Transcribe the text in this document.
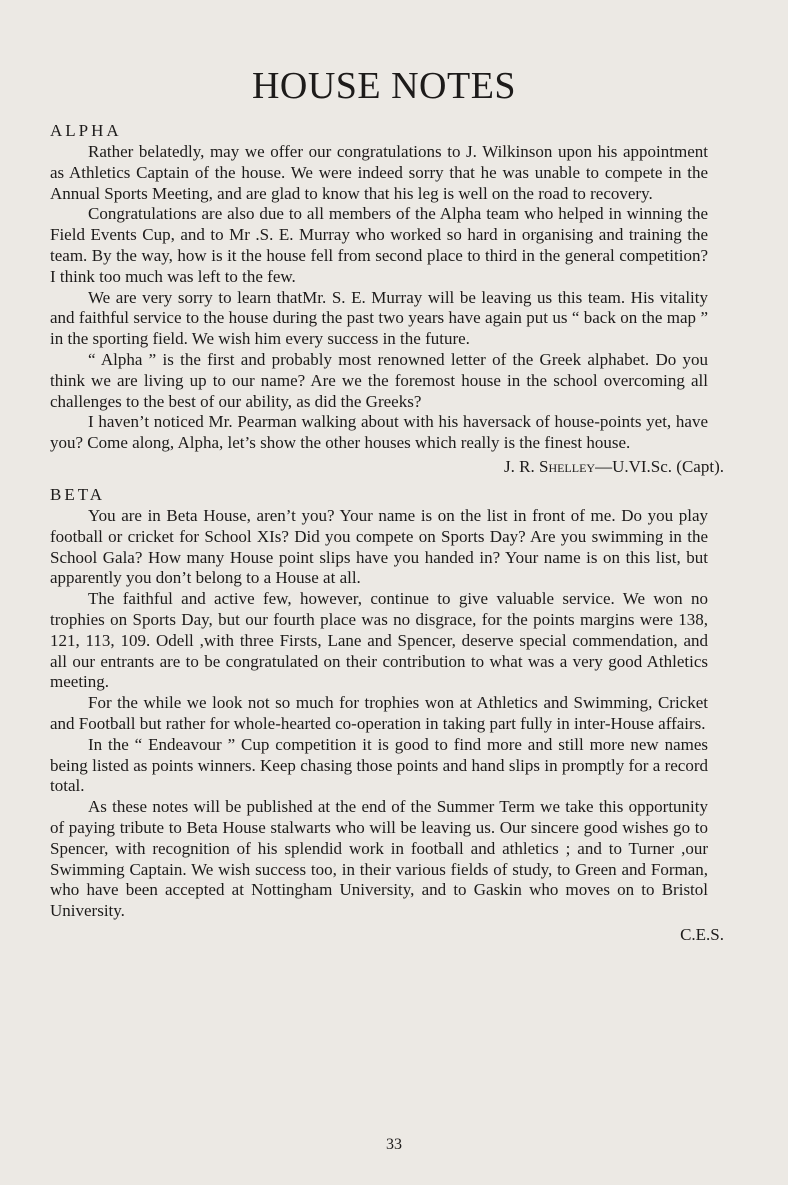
HOUSE NOTES

ALPHA

Rather belatedly, may we offer our congratulations to J. Wilkinson upon his appointment as Athletics Captain of the house. We were indeed sorry that he was unable to compete in the Annual Sports Meeting, and are glad to know that his leg is well on the road to recovery.

Congratulations are also due to all members of the Alpha team who helped in winning the Field Events Cup, and to Mr .S. E. Murray who worked so hard in organising and training the team. By the way, how is it the house fell from second place to third in the general competition? I think too much was left to the few.

We are very sorry to learn thatMr. S. E. Murray will be leaving us this team. His vitality and faithful service to the house during the past two years have again put us “ back on the map ” in the sporting field. We wish him every success in the future.

“ Alpha ” is the first and probably most renowned letter of the Greek alphabet. Do you think we are living up to our name? Are we the foremost house in the school overcoming all challenges to the best of our ability, as did the Greeks?

I haven’t noticed Mr. Pearman walking about with his haversack of house-points yet, have you? Come along, Alpha, let’s show the other houses which really is the finest house.

J. R. Shelley—U.VI.Sc. (Capt).

BETA

You are in Beta House, aren’t you? Your name is on the list in front of me. Do you play football or cricket for School XIs? Did you compete on Sports Day? Are you swimming in the School Gala? How many House point slips have you handed in? Your name is on this list, but apparently you don’t belong to a House at all.

The faithful and active few, however, continue to give valuable service. We won no trophies on Sports Day, but our fourth place was no disgrace, for the points margins were 138, 121, 113, 109. Odell ,with three Firsts, Lane and Spencer, deserve special commendation, and all our entrants are to be congratulated on their contribution to what was a very good Athletics meeting.

For the while we look not so much for trophies won at Athletics and Swimming, Cricket and Football but rather for whole-hearted co-operation in taking part fully in inter-House affairs.

In the “ Endeavour ” Cup competition it is good to find more and still more new names being listed as points winners. Keep chasing those points and hand slips in promptly for a record total.

As these notes will be published at the end of the Summer Term we take this opportunity of paying tribute to Beta House stalwarts who will be leaving us. Our sincere good wishes go to Spencer, with recognition of his splendid work in football and athletics ; and to Turner ,our Swimming Captain. We wish success too, in their various fields of study, to Green and Forman, who have been accepted at Nottingham University, and to Gaskin who moves on to Bristol University.

C.E.S.

33
